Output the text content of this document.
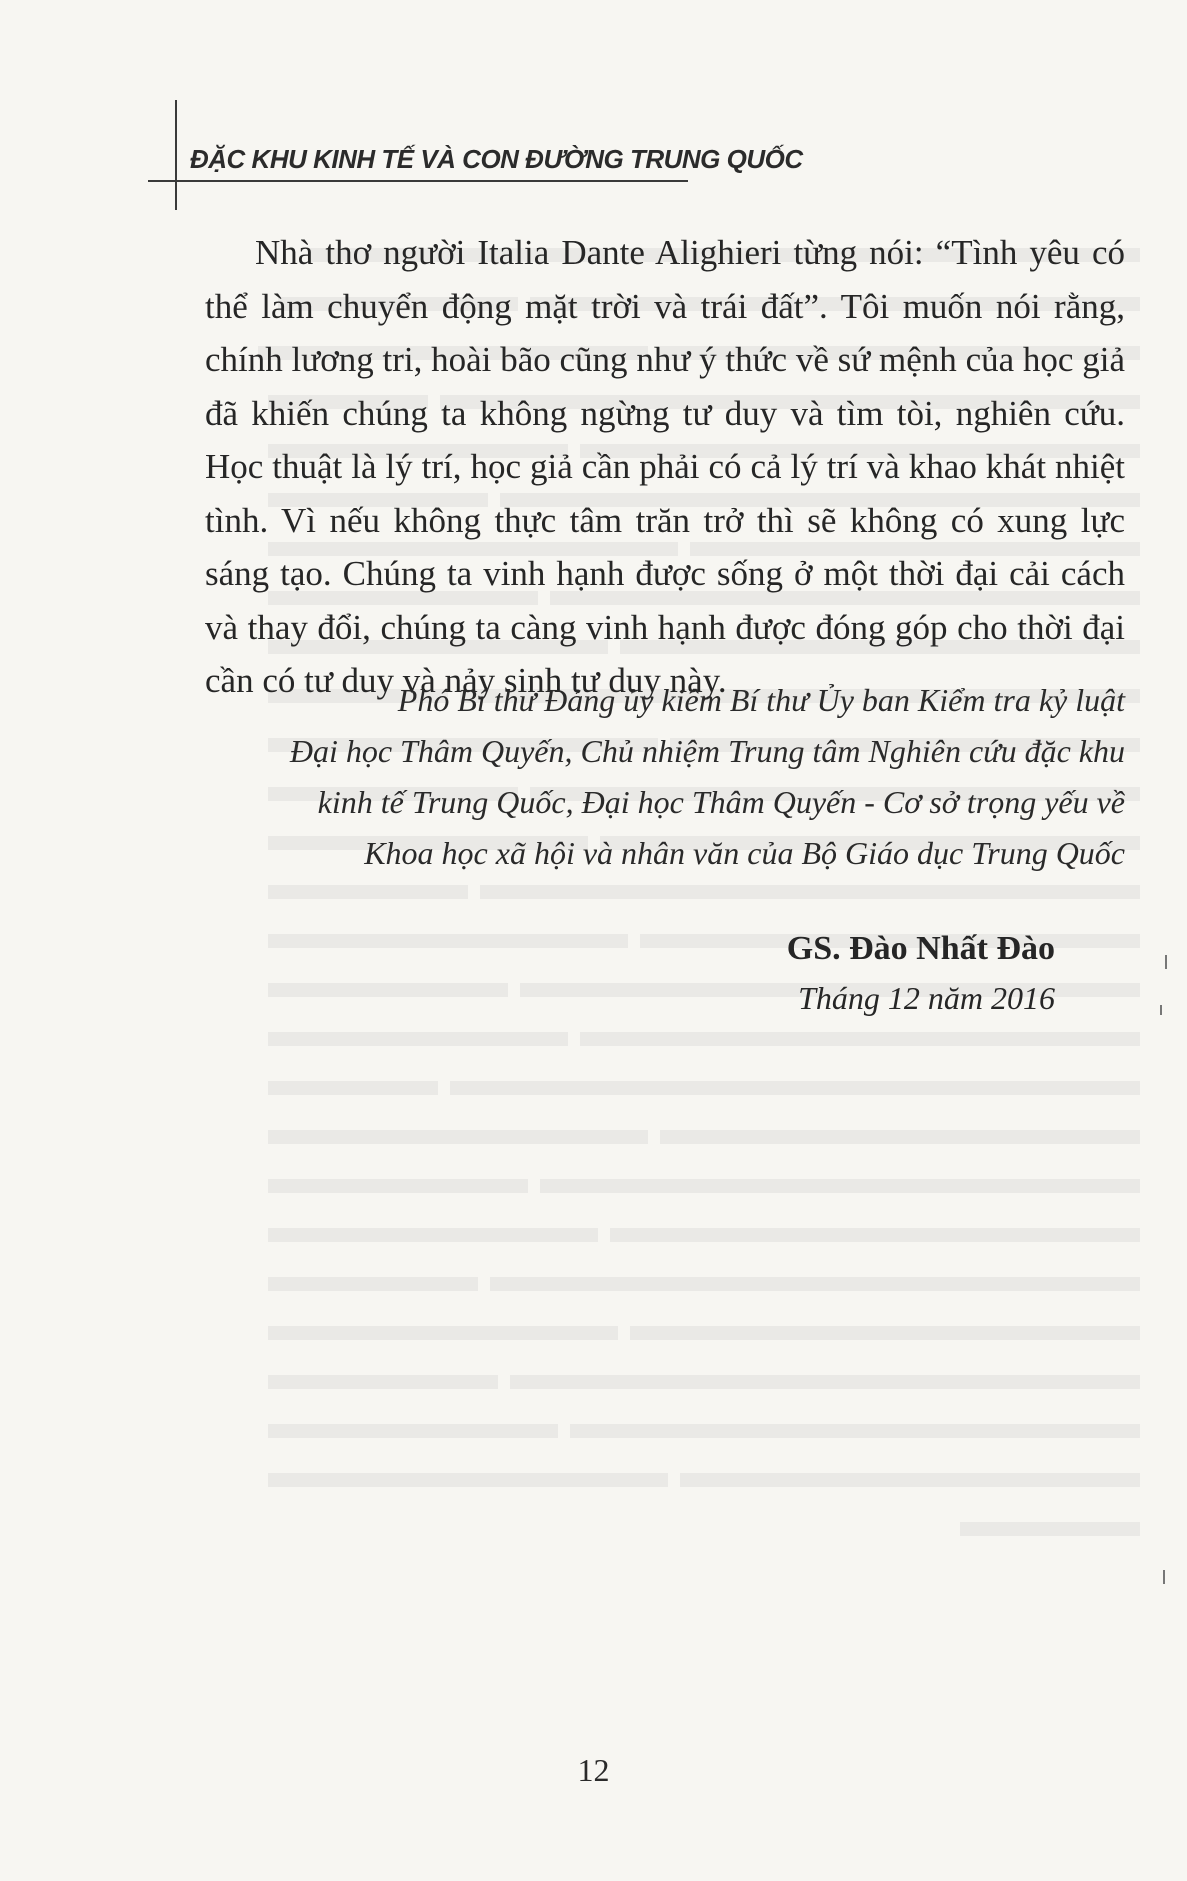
ĐẶC KHU KINH TẾ VÀ CON ĐƯỜNG TRUNG QUỐC

Nhà thơ người Italia Dante Alighieri từng nói: “Tình yêu có thể làm chuyển động mặt trời và trái đất”. Tôi muốn nói rằng, chính lương tri, hoài bão cũng như ý thức về sứ mệnh của học giả đã khiến chúng ta không ngừng tư duy và tìm tòi, nghiên cứu. Học thuật là lý trí, học giả cần phải có cả lý trí và khao khát nhiệt tình. Vì nếu không thực tâm trăn trở thì sẽ không có xung lực sáng tạo. Chúng ta vinh hạnh được sống ở một thời đại cải cách và thay đổi, chúng ta càng vinh hạnh được đóng góp cho thời đại cần có tư duy và nảy sinh tư duy này.

Phó Bí thư Đảng ủy kiêm Bí thư Ủy ban Kiểm tra kỷ luật
Đại học Thâm Quyến, Chủ nhiệm Trung tâm Nghiên cứu đặc khu
kinh tế Trung Quốc, Đại học Thâm Quyến - Cơ sở trọng yếu về
Khoa học xã hội và nhân văn của Bộ Giáo dục Trung Quốc
GS. Đào Nhất Đào
Tháng 12 năm 2016
12
